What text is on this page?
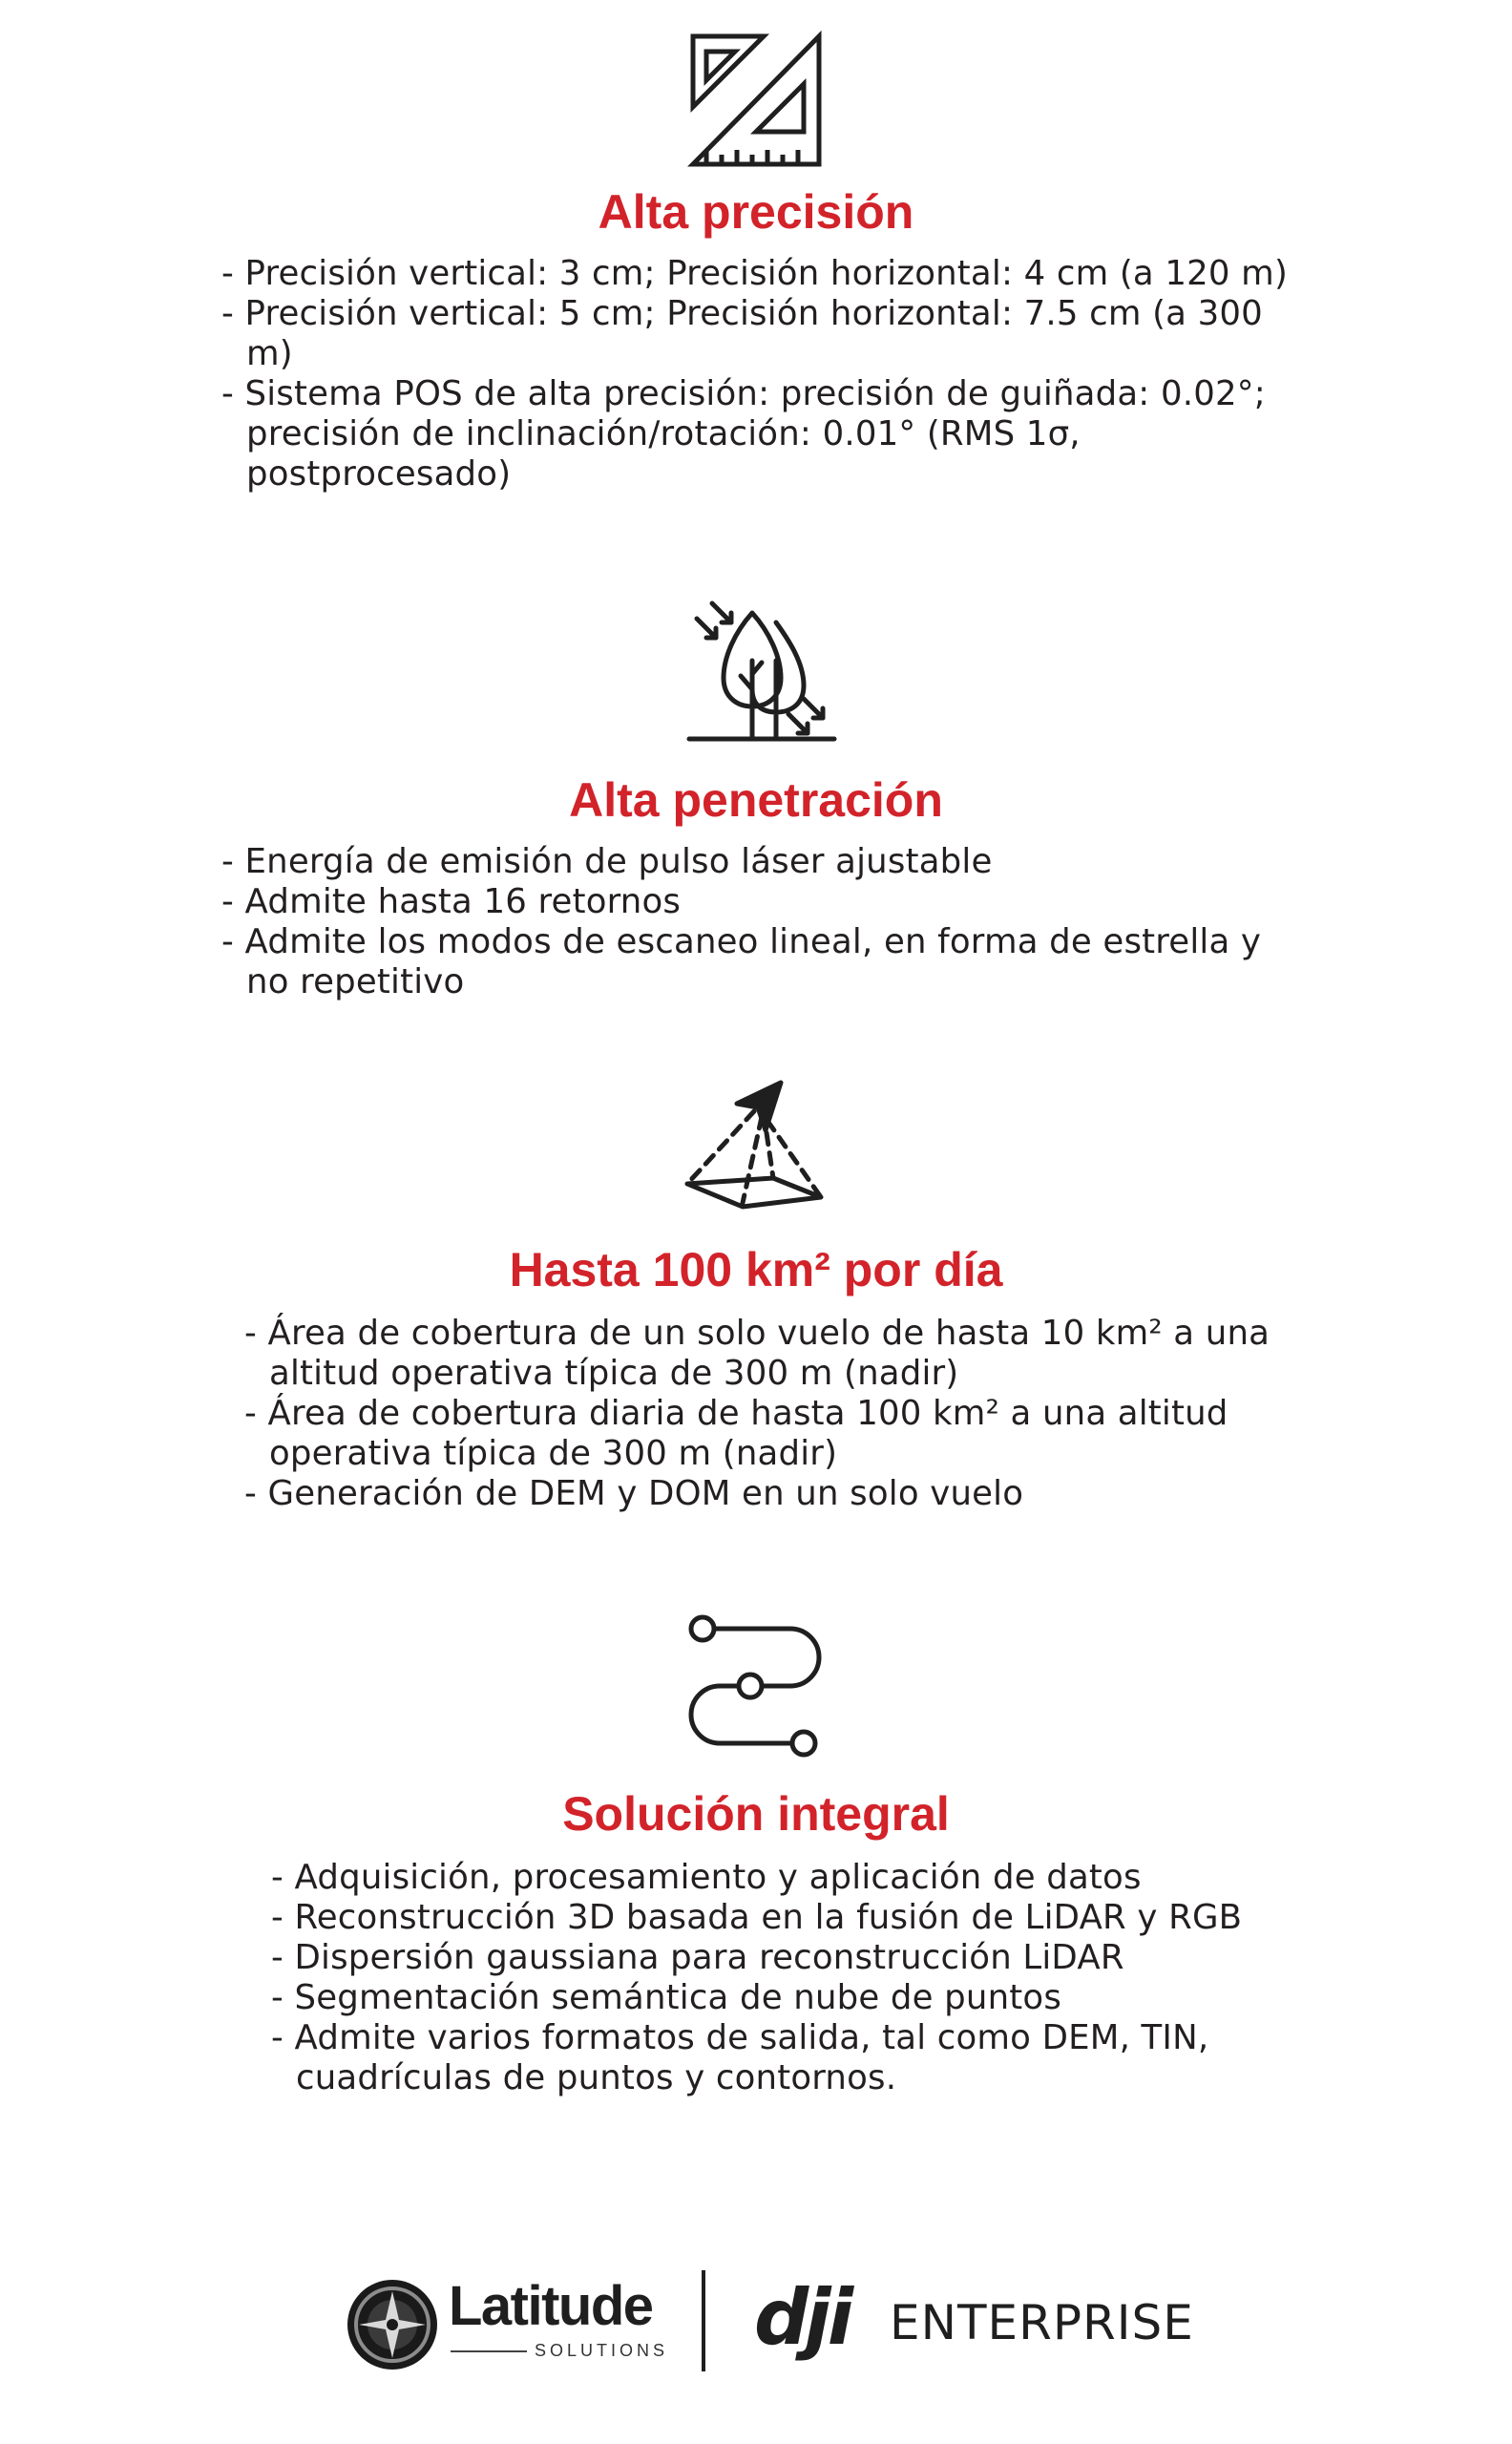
Alta precisión
- Precisión vertical: 3 cm; Precisión horizontal: 4 cm (a 120 m)
- Precisión vertical: 5 cm; Precisión horizontal: 7.5 cm (a 300 m)
- Sistema POS de alta precisión: precisión de guiñada: 0.02°; precisión de inclinación/rotación: 0.01° (RMS 1σ, postprocesado)
Alta penetración
- Energía de emisión de pulso láser ajustable
- Admite hasta 16 retornos
- Admite los modos de escaneo lineal, en forma de estrella y no repetitivo
Hasta 100 km² por día
- Área de cobertura de un solo vuelo de hasta 10 km² a una altitud operativa típica de 300 m (nadir)
- Área de cobertura diaria de hasta 100 km² a una altitud operativa típica de 300 m (nadir)
- Generación de DEM y DOM en un solo vuelo
Solución integral
- Adquisición, procesamiento y aplicación de datos
- Reconstrucción 3D basada en la fusión de LiDAR y RGB
- Dispersión gaussiana para reconstrucción LiDAR
- Segmentación semántica de nube de puntos
- Admite varios formatos de salida, tal como DEM, TIN, cuadrículas de puntos y contornos.
Latitude
SOLUTIONS dji ENTERPRISE
